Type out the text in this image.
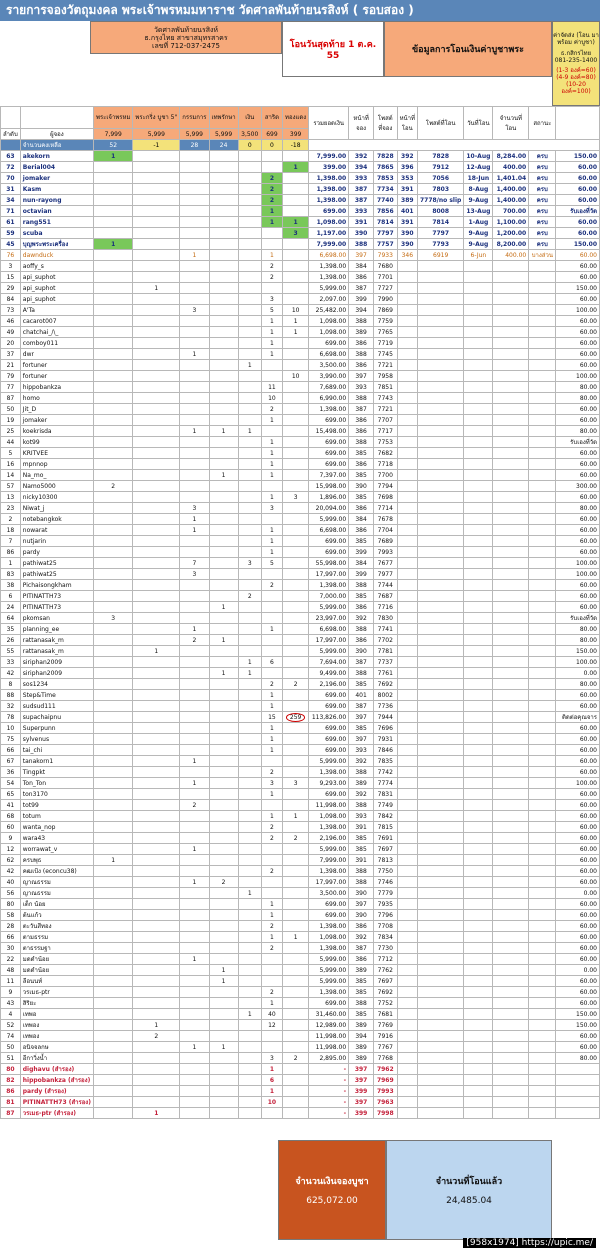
รายการจองวัตถุมงคล พระเจ้าพรหมมหาราช วัดศาลพันท้ายนรสิงห์ ( รอบสอง )
วัดศาลพันท้ายนรสิงห์
ธ.กรุงไทย สาขาสมุทรสาคร
เลขที่ 712-037-2475	โอนวันสุดท้าย 1 ต.ค. 55
ข้อมูลการโอนเงินค่าบูชาพระ
ค่าจัดส่ง (โอน มาพร้อม ค่าบูชา)
ธ.กสิกรไทย
081-235-1400
(1-3 องค์=60) (4-9 องค์=80) (10-20 องค์=100)
		พระเจ้าพรหม	พระกริ่ง บูชา 5"	กรรมการ	เทพรักษา	เงิน	สาริด	ทองแดง	รวมยอดเงิน	หน้าที่จอง	โพสต์ที่จอง	หน้าที่โอน	โพสต์ที่โอน	วันที่โอน	จำนวนที่โอน	สถานะ	
ลำดับ	ผู้จอง	7,999	5,999	5,999	5,999	3,500	699	399									
	จำนวนคงเหลือ	52	-1	28	24	0	0	-18									
63	akekorn	1							7,999.00	392	7828	392	7828	10-Aug	8,284.00	ครบ	150.00
72	Berial004							1	399.00	394	7865	396	7912	12-Aug	400.00	ครบ	60.00
70	jomaker						2		1,398.00	393	7853	353	7056	18-Jun	1,401.04	ครบ	60.00
31	Kasm						2		1,398.00	387	7734	391	7803	8-Aug	1,400.00	ครบ	60.00
34	nun-rayong						2		1,398.00	387	7740	389	7778/no slip	9-Aug	1,400.00	ครบ	60.00
71	octavian						1		699.00	393	7856	401	8008	13-Aug	700.00	ครบ	รับเองที่วัด
61	rang551						1	1	1,098.00	391	7814	391	7814	1-Aug	1,100.00	ครบ	60.00
59	scuba							3	1,197.00	390	7797	390	7797	9-Aug	1,200.00	ครบ	60.00
45	บุญพระพระเครื่อง	1							7,999.00	388	7757	390	7793	9-Aug	8,200.00	ครบ	150.00
76	dawnduck			1			1		6,698.00	397	7933	346	6919	6-Jun	400.00	บางส่วน	60.00
3	aoffy_s						2		1,398.00	384	7680						60.00
15	api_suphot						2		1,398.00	386	7701						60.00
29	api_suphot		1						5,999.00	387	7727						150.00
84	api_suphot						3		2,097.00	399	7990						60.00
73	A'Ta			3			5	10	25,482.00	394	7869						100.00
46	cacarot007						1	1	1,098.00	388	7759						60.00
49	chatchai_/\_						1	1	1,098.00	389	7765						60.00
20	comboy011						1		699.00	386	7719						60.00
37	dwr			1			1		6,698.00	388	7745						60.00
21	fortuner					1			3,500.00	386	7721						60.00
79	fortuner							10	3,990.00	397	7958						100.00
77	hippobankza						11		7,689.00	393	7851						80.00
87	homo						10		6,990.00	388	7743						80.00
50	Jit_D						2		1,398.00	387	7721						60.00
19	jomaker						1		699.00	386	7707						60.00
25	koekrisda			1	1	1			15,498.00	386	7717						80.00
44	kot99						1		699.00	388	7753						รับเองที่วัด
5	KRITVEE						1		699.00	385	7682						60.00
16	mpnnop						1		699.00	386	7718						60.00
14	Na_mo_				1		1		7,397.00	385	7700						60.00
57	Namo5000	2							15,998.00	390	7794						300.00
13	nicky10300						1	3	1,896.00	385	7698						60.00
23	Niwat_j			3			3		20,094.00	386	7714						80.00
2	notebangkok			1					5,999.00	384	7678						60.00
18	nowarat			1			1		6,698.00	386	7704						60.00
7	nutjarin						1		699.00	385	7689						60.00
86	pardy						1		699.00	399	7993						60.00
1	pathiwat25			7		3	5		55,998.00	384	7677						100.00
83	pathiwat25			3					17,997.00	399	7977						100.00
38	Pichaisongkham						2		1,398.00	388	7744						60.00
6	PITINATTH73					2			7,000.00	385	7687						60.00
24	PITINATTH73				1				5,999.00	386	7716						60.00
64	pkomsan	3							23,997.00	392	7830						รับเองที่วัด
35	planning_ee			1			1		6,698.00	388	7741						80.00
26	rattanasak_m			2	1				17,997.00	386	7702						80.00
55	rattanasak_m		1						5,999.00	390	7781						150.00
33	siriphan2009					1	6		7,694.00	387	7737						100.00
42	siriphan2009				1	1			9,499.00	388	7761						0.00
8	sos1234						2	2	2,196.00	385	7692						80.00
88	Step&Time						1		699.00	401	8002						60.00
32	sudsud111						1		699.00	387	7736						60.00
78	supachaipnu						15	259	113,826.00	397	7944						ติดต่อคุณจาร
10	Superpunn						1		699.00	385	7696						60.00
75	sylvenus						1		699.00	397	7931						60.00
66	tai_chi						1		699.00	393	7846						60.00
67	tanakorn1			1					5,999.00	392	7835						60.00
36	Tingpkt						2		1,398.00	388	7742						60.00
54	Ton_Ton			1			3	3	9,293.00	389	7774						100.00
65	ton3170						1		699.00	392	7831						60.00
41	tot99			2					11,998.00	388	7749						60.00
68	totum						1	1	1,098.00	393	7842						60.00
60	wanta_nop						2		1,398.00	391	7815						60.00
9	wara43						2	2	2,196.00	385	7691						60.00
12	worrawat_v			1					5,999.00	385	7697						60.00
62	ครบพุธ	1							7,999.00	391	7813						60.00
42	คฒเป้ง (econcu38)						2		1,398.00	388	7750						60.00
40	ญาณธรรม			1	2				17,997.00	388	7746						60.00
56	ญาณธรรม					1			3,500.00	390	7779						0.00
80	เด็ก น้อย						1		699.00	397	7935						60.00
58	ต้นแก้ว						1		699.00	390	7796						60.00
28	ตะวันสีทอง						2		1,398.00	386	7708						60.00
66	ตามธรรม						1	1	1,098.00	392	7834						60.00
30	ตาธรรมฐา						2		1,398.00	387	7730						60.00
22	มดดำน้อย			1					5,999.00	386	7712						60.00
48	มดดำน้อย				1				5,999.00	389	7762						0.00
11	ลีอนนท์				1				5,999.00	385	7697						60.00
9	วรเมธ-ptr						2		1,398.00	385	7692						60.00
43	สิริยะ						1		699.00	388	7752						60.00
4	เทพอ					1	40		31,460.00	385	7681						150.00
52	เทพอง		1				12		12,989.00	389	7769						150.00
74	เทพอง		2						11,998.00	394	7916						60.00
50	อนิจจลกษ			1	1				11,998.00	389	7767						60.00
51	อีกาวิ่งน้ำ						3	2	2,895.00	389	7768						80.00
80	dighavu (สำรอง)						1		-	397	7962						
82	hippobankza (สำรอง)						6		-	397	7969						
86	pardy (สำรอง)						1		-	399	7993						
81	PITINATTH73 (สำรอง)						10		-	397	7963						
87	วรเมธ-ptr (สำรอง)		1						-	399	7998						
จำนวนเงินจองบูชา
625,072.00
จำนวนที่โอนแล้ว
24,485.04
[958x1974] https://upic.me/
